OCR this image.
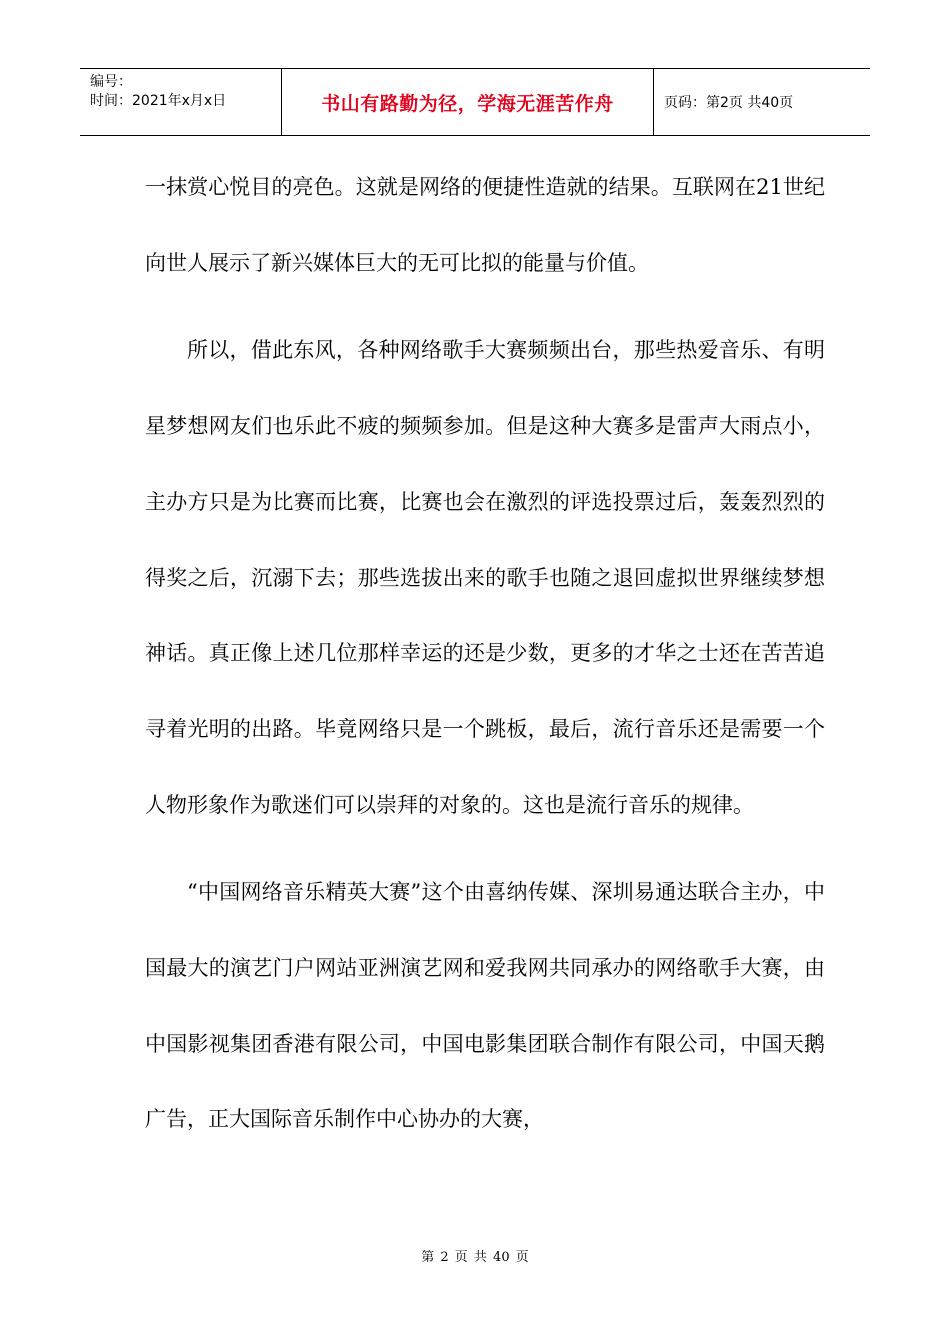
编号：
时间：2021年x月x日	书山有路勤为径，学海无涯苦作舟	页码：第2页 共40页

一抹赏心悦目的亮色。这就是网络的便捷性造就的结果。互联网在21世纪向世人展示了新兴媒体巨大的无可比拟的能量与价值。

所以，借此东风，各种网络歌手大赛频频出台，那些热爱音乐、有明星梦想网友们也乐此不疲的频频参加。但是这种大赛多是雷声大雨点小，主办方只是为比赛而比赛，比赛也会在激烈的评选投票过后，轰轰烈烈的得奖之后，沉溺下去；那些选拔出来的歌手也随之退回虚拟世界继续梦想神话。真正像上述几位那样幸运的还是少数，更多的才华之士还在苦苦追寻着光明的出路。毕竟网络只是一个跳板，最后，流行音乐还是需要一个人物形象作为歌迷们可以崇拜的对象的。这也是流行音乐的规律。

“中国网络音乐精英大赛”这个由喜纳传媒、深圳易通达联合主办，中国最大的演艺门户网站亚洲演艺网和爱我网共同承办的网络歌手大赛，由中国影视集团香港有限公司，中国电影集团联合制作有限公司，中国天鹅广告，正大国际音乐制作中心协办的大赛，

第 2 页 共 40 页
